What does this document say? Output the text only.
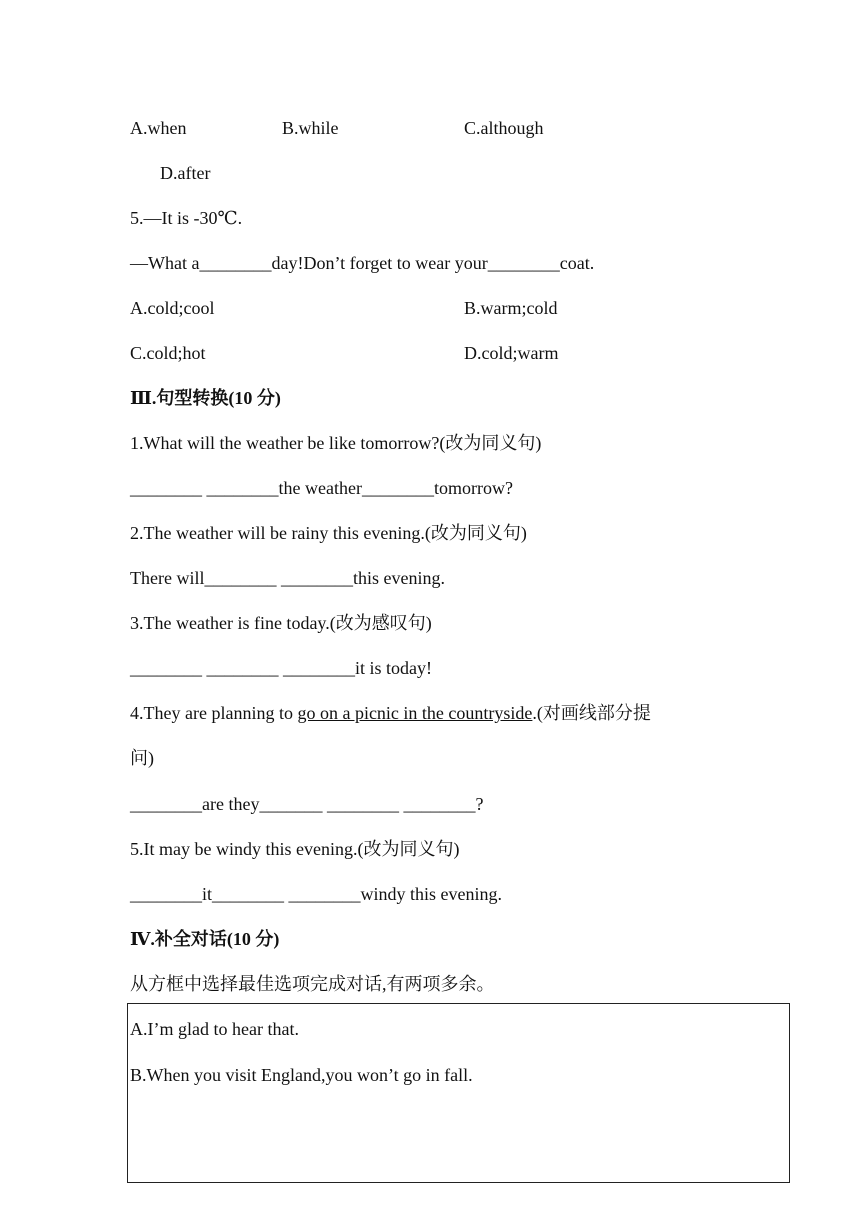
A.when	B.while	C.although
D.after
5.—It is -30℃.
—What a________day!Don’t forget to wear your________coat.
A.cold;cool	B.warm;cold
C.cold;hot	D.cold;warm
Ⅲ.句型转换(10 分)
1.What will the weather be like tomorrow?(改为同义句)
________ ________the weather________tomorrow?
2.The weather will be rainy this evening.(改为同义句)
There will________ ________this evening.
3.The weather is fine today.(改为感叹句)
________ ________ ________it is today!
4.They are planning to go on a picnic in the countryside.(对画线部分提
问)
________are they_______ ________ ________?
5.It may be windy this evening.(改为同义句)
________it________ ________windy this evening.
Ⅳ.补全对话(10 分)
从方框中选择最佳选项完成对话,有两项多余。
A.I’m glad to hear that.
B.When you visit England,you won’t go in fall.
